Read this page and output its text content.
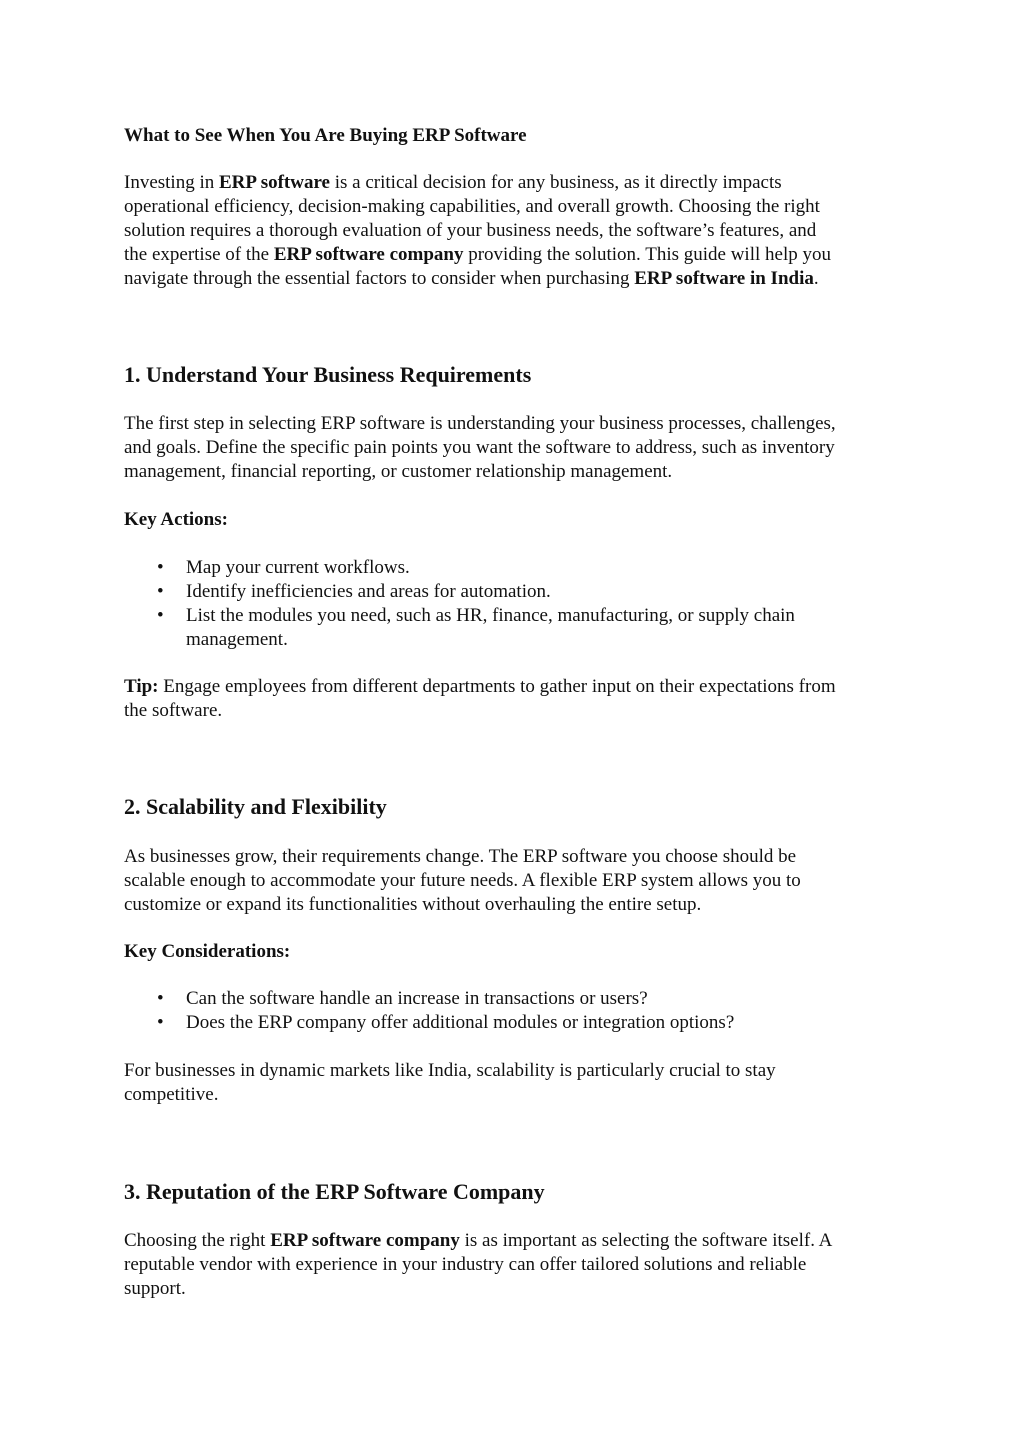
What to See When You Are Buying ERP Software
Investing in ERP software is a critical decision for any business, as it directly impacts
operational efficiency, decision-making capabilities, and overall growth. Choosing the right
solution requires a thorough evaluation of your business needs, the software’s features, and
the expertise of the ERP software company providing the solution. This guide will help you
navigate through the essential factors to consider when purchasing ERP software in India.
1. Understand Your Business Requirements
The first step in selecting ERP software is understanding your business processes, challenges,
and goals. Define the specific pain points you want the software to address, such as inventory
management, financial reporting, or customer relationship management.
Key Actions:
• Map your current workflows.
• Identify inefficiencies and areas for automation.
• List the modules you need, such as HR, finance, manufacturing, or supply chain
management.
Tip: Engage employees from different departments to gather input on their expectations from
the software.
2. Scalability and Flexibility
As businesses grow, their requirements change. The ERP software you choose should be
scalable enough to accommodate your future needs. A flexible ERP system allows you to
customize or expand its functionalities without overhauling the entire setup.
Key Considerations:
• Can the software handle an increase in transactions or users?
• Does the ERP company offer additional modules or integration options?
For businesses in dynamic markets like India, scalability is particularly crucial to stay
competitive.
3. Reputation of the ERP Software Company
Choosing the right ERP software company is as important as selecting the software itself. A
reputable vendor with experience in your industry can offer tailored solutions and reliable
support.
